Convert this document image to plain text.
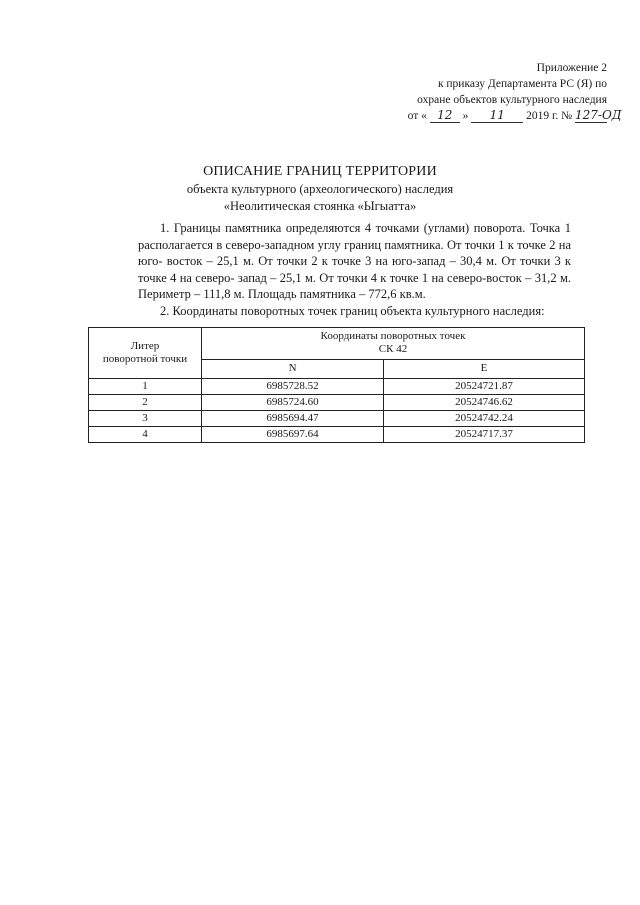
Приложение 2
к приказу Департамента РС (Я) по
охране объектов культурного наследия
от « 12 » 11 2019 г. № 127-ОД
ОПИСАНИЕ ГРАНИЦ ТЕРРИТОРИИ
объекта культурного (археологического) наследия
«Неолитическая стоянка «Ыгыатта»

1. Границы памятника определяются 4 точками (углами) поворота. Точка 1 располагается в северо-западном углу границ памятника. От точки 1 к точке 2 на юго- восток – 25,1 м. От точки 2 к точке 3 на юго-запад – 30,4 м. От точки 3 к точке 4 на северо- запад – 25,1 м. От точки 4 к точке 1 на северо-восток – 31,2 м. Периметр – 111,8 м. Площадь памятника – 772,6 кв.м.

2. Координаты поворотных точек границ объекта культурного наследия:

Литер
поворотной точки	Координаты поворотных точек
СК 42	
	N	E
1	6985728.52	20524721.87
2	6985724.60	20524746.62
3	6985694.47	20524742.24
4	6985697.64	20524717.37
